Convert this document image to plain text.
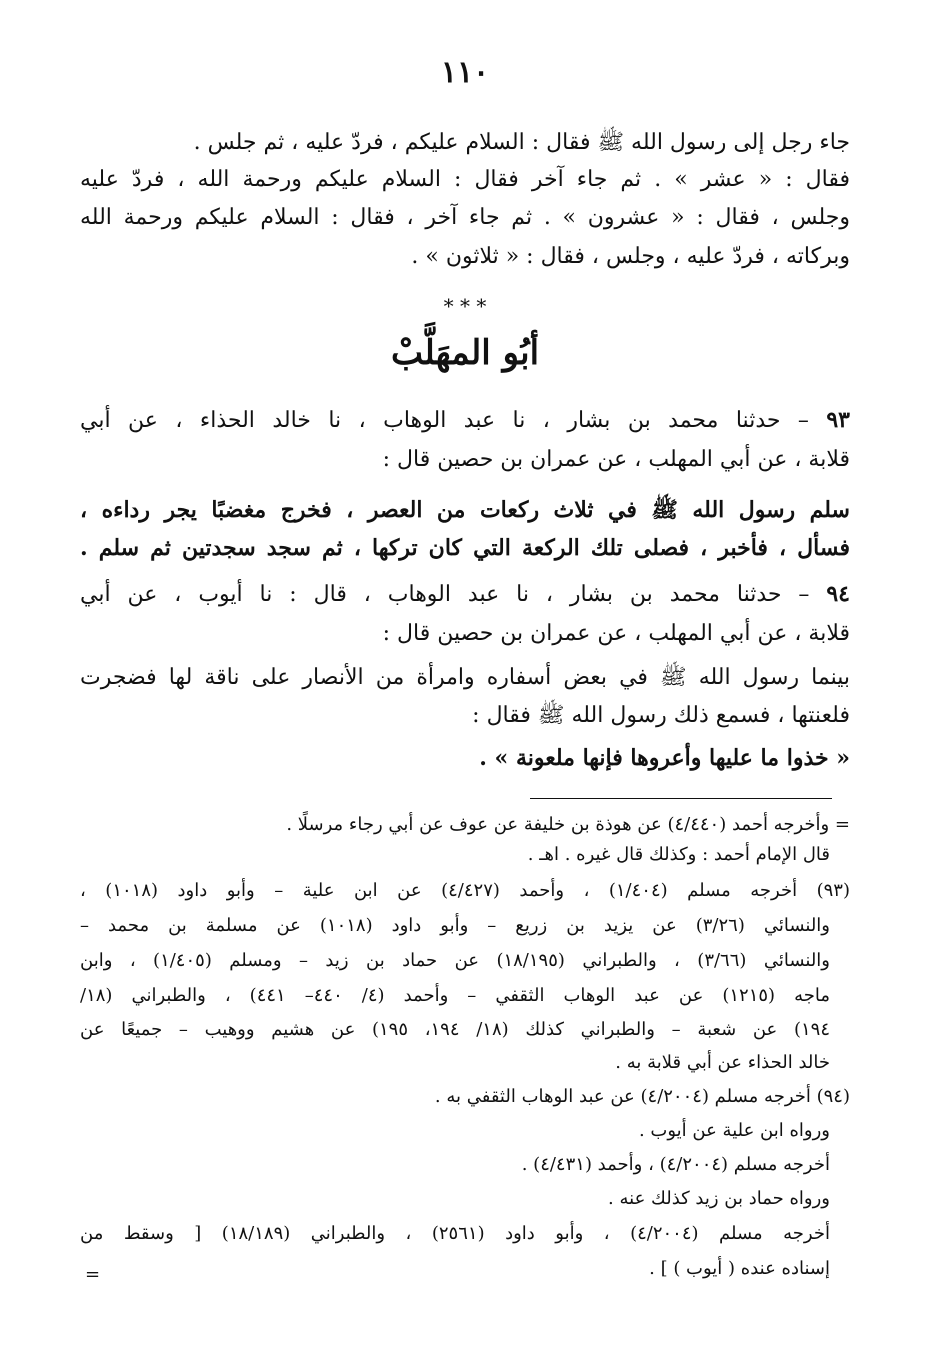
١١٠
جاء رجل إلى رسول الله ﷺ فقال : السلام عليكم ، فردّ عليه ، ثم جلس .
فقال : « عشر » . ثم جاء آخر فقال : السلام عليكم ورحمة الله ، فردّ عليه
وجلس ، فقال : « عشرون » . ثم جاء آخر ، فقال : السلام عليكم ورحمة الله
وبركاته ، فردّ عليه ، وجلس ، فقال : « ثلاثون » .
* * *
أبُو المهَلَّبْ
٩٣ – حدثنا محمد بن بشار ، نا عبد الوهاب ، نا خالد الحذاء ، عن أبي
قلابة ، عن أبي المهلب ، عن عمران بن حصين قال :
سلم رسول الله ﷺ في ثلاث ركعات من العصر ، فخرج مغضبًا يجر رداءه ،
فسأل ، فأخبر ، فصلى تلك الركعة التي كان تركها ، ثم سجد سجدتين ثم سلم .
٩٤ – حدثنا محمد بن بشار ، نا عبد الوهاب ، قال : نا أيوب ، عن أبي
قلابة ، عن أبي المهلب ، عن عمران بن حصين قال :
بينما رسول الله ﷺ في بعض أسفاره وامرأة من الأنصار على ناقة لها فضجرت
فلعنتها ، فسمع ذلك رسول الله ﷺ فقال :
« خذوا ما عليها وأعروها فإنها ملعونة » .
= وأخرجه أحمد (٤/٤٤٠) عن هوذة بن خليفة عن عوف عن أبي رجاء مرسلًا .
قال الإمام أحمد : وكذلك قال غيره . اهـ .
(٩٣) أخرجه مسلم (١/٤٠٤) ، وأحمد (٤/٤٢٧) عن ابن علية – وأبو داود (١٠١٨) ،
والنسائي (٣/٢٦) عن يزيد بن زريع – وأبو داود (١٠١٨) عن مسلمة بن محمد –
والنسائي (٣/٦٦) ، والطبراني (١٨/١٩٥) عن حماد بن زيد – ومسلم (١/٤٠٥) ، وابن
ماجه (١٢١٥) عن عبد الوهاب الثقفي – وأحمد (٤/ ٤٤٠– ٤٤١) ، والطبراني (١٨/
١٩٤) عن شعبة – والطبراني كذلك (١٨/ ١٩٤، ١٩٥) عن هشيم ووهيب – جميعًا عن
خالد الحذاء عن أبي قلابة به .
(٩٤) أخرجه مسلم (٤/٢٠٠٤) عن عبد الوهاب الثقفي به .
ورواه ابن علية عن أيوب .
أخرجه مسلم (٤/٢٠٠٤) ، وأحمد (٤/٤٣١) .
ورواه حماد بن زيد كذلك عنه .
أخرجه مسلم (٤/٢٠٠٤) ، وأبو داود (٢٥٦١) ، والطبراني (١٨/١٨٩) [ وسقط من
إسناده عنده ( أيوب ) ] .
=
